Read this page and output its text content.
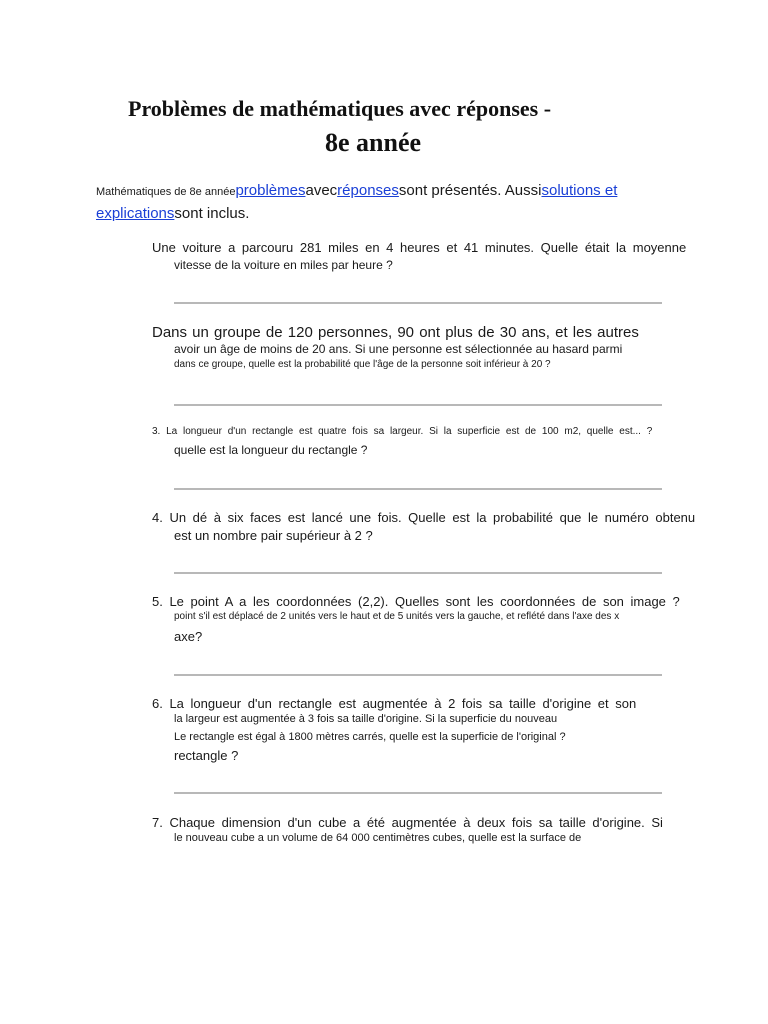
Problèmes de mathématiques avec réponses -
8e année
Mathématiques de 8e annéeproblèmesavecréponsessont présentés. Aussisolutions et
explicationssont inclus.
Une voiture a parcouru 281 miles en 4 heures et 41 minutes. Quelle était la moyenne
vitesse de la voiture en miles par heure ?
Dans un groupe de 120 personnes, 90 ont plus de 30 ans, et les autres
avoir un âge de moins de 20 ans. Si une personne est sélectionnée au hasard parmi
dans ce groupe, quelle est la probabilité que l'âge de la personne soit inférieur à 20 ?
3. La longueur d'un rectangle est quatre fois sa largeur. Si la superficie est de 100 m2, quelle est... ?
quelle est la longueur du rectangle ?
4. Un dé à six faces est lancé une fois. Quelle est la probabilité que le numéro obtenu
est un nombre pair supérieur à 2 ?
5. Le point A a les coordonnées (2,2). Quelles sont les coordonnées de son image ?
point s'il est déplacé de 2 unités vers le haut et de 5 unités vers la gauche, et reflété dans l'axe des x
axe?
6. La longueur d'un rectangle est augmentée à 2 fois sa taille d'origine et son
la largeur est augmentée à 3 fois sa taille d'origine. Si la superficie du nouveau
Le rectangle est égal à 1800 mètres carrés, quelle est la superficie de l'original ?
rectangle ?
7. Chaque dimension d'un cube a été augmentée à deux fois sa taille d'origine. Si
le nouveau cube a un volume de 64 000 centimètres cubes, quelle est la surface de
